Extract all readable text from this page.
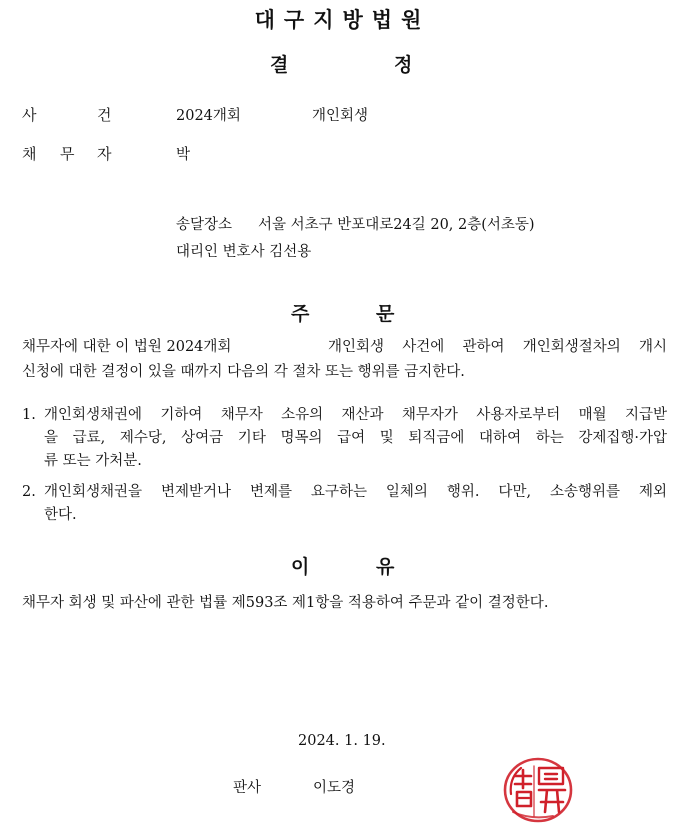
대구지방법원
결	정
사	건	2024개회	개인회생
채 무 자	박
송달장소 서울 서초구 반포대로24길 20, 2층(서초동)
대리인 변호사 김선용
주	문
채무자에 대한 이 법원 2024개회	개인회생 사건에 관하여 개인회생절차의 개시
신청에 대한 결정이 있을 때까지 다음의 각 절차 또는 행위를 금지한다.
1. 개인회생채권에 기하여 채무자 소유의 재산과 채무자가 사용자로부터 매월 지급받
을 급료, 제수당, 상여금 기타 명목의 급여 및 퇴직금에 대하여 하는 강제집행·가압
류 또는 가처분.
2. 개인회생채권을 변제받거나 변제를 요구하는 일체의 행위. 다만, 소송행위를 제외
한다.
이	유
채무자 회생 및 파산에 관한 법률 제593조 제1항을 적용하여 주문과 같이 결정한다.
2024. 1. 19.
판사	이도경
